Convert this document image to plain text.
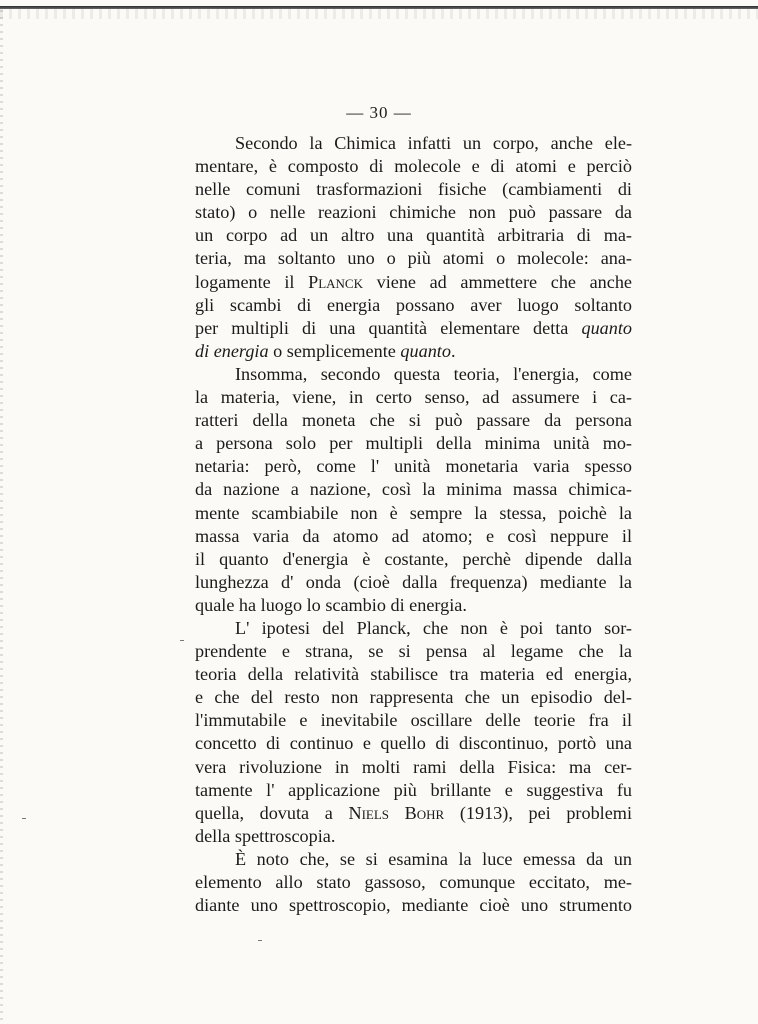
— 30 —
Secondo la Chimica infatti un corpo, anche ele-
mentare, è composto di molecole e di atomi e perciò
nelle comuni trasformazioni fisiche (cambiamenti di
stato) o nelle reazioni chimiche non può passare da
un corpo ad un altro una quantità arbitraria di ma-
teria, ma soltanto uno o più atomi o molecole: ana-
logamente il Planck viene ad ammettere che anche
gli scambi di energia possano aver luogo soltanto
per multipli di una quantità elementare detta quanto
di energia o semplicemente quanto.
Insomma, secondo questa teoria, l'energia, come
la materia, viene, in certo senso, ad assumere i ca-
ratteri della moneta che si può passare da persona
a persona solo per multipli della minima unità mo-
netaria: però, come l' unità monetaria varia spesso
da nazione a nazione, così la minima massa chimica-
mente scambiabile non è sempre la stessa, poichè la
massa varia da atomo ad atomo; e così neppure il
il quanto d'energia è costante, perchè dipende dalla
lunghezza d' onda (cioè dalla frequenza) mediante la
quale ha luogo lo scambio di energia.
L' ipotesi del Planck, che non è poi tanto sor-
prendente e strana, se si pensa al legame che la
teoria della relatività stabilisce tra materia ed energia,
e che del resto non rappresenta che un episodio del-
l'immutabile e inevitabile oscillare delle teorie fra il
concetto di continuo e quello di discontinuo, portò una
vera rivoluzione in molti rami della Fisica: ma cer-
tamente l' applicazione più brillante e suggestiva fu
quella, dovuta a Niels Bohr (1913), pei problemi
della spettroscopia.
È noto che, se si esamina la luce emessa da un
elemento allo stato gassoso, comunque eccitato, me-
diante uno spettroscopio, mediante cioè uno strumento
